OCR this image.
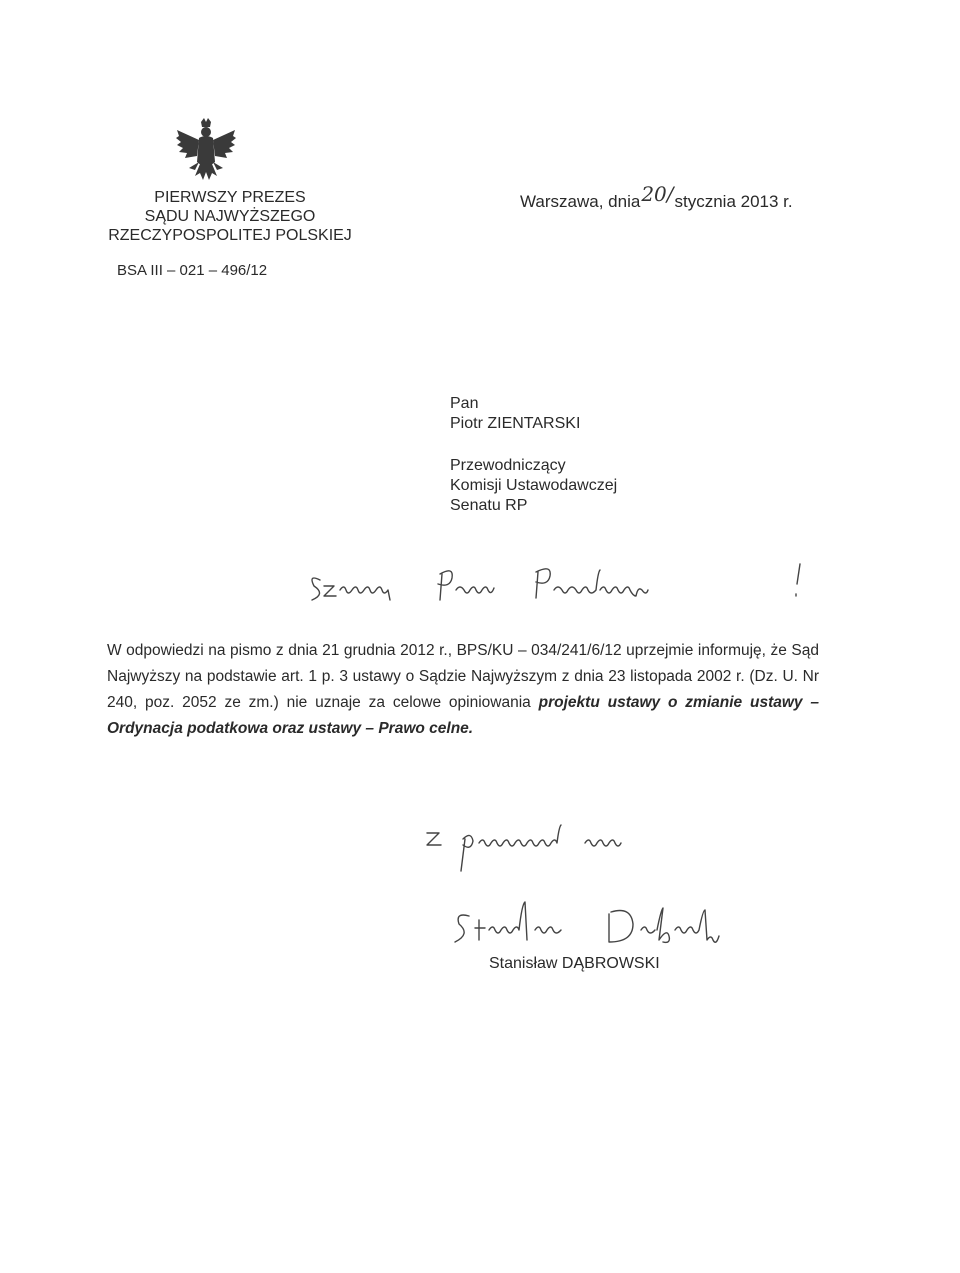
PIERWSZY PREZES
SĄDU NAJWYŻSZEGO
RZECZYPOSPOLITEJ POLSKIEJ
BSA III – 021 – 496/12
Warszawa, dnia20/stycznia 2013 r.
Pan
Piotr ZIENTARSKI
Przewodniczący
Komisji Ustawodawczej
Senatu RP
W odpowiedzi na pismo z dnia 21 grudnia 2012 r., BPS/KU – 034/241/6/12 uprzejmie informuję, że Sąd Najwyższy na podstawie art. 1 p. 3 ustawy o Sądzie Najwyższym z dnia 23 listopada 2002 r. (Dz. U. Nr 240, poz. 2052 ze zm.) nie uznaje za celowe opiniowania projektu ustawy o zmianie ustawy – Ordynacja podatkowa oraz ustawy – Prawo celne.
Stanisław DĄBROWSKI
